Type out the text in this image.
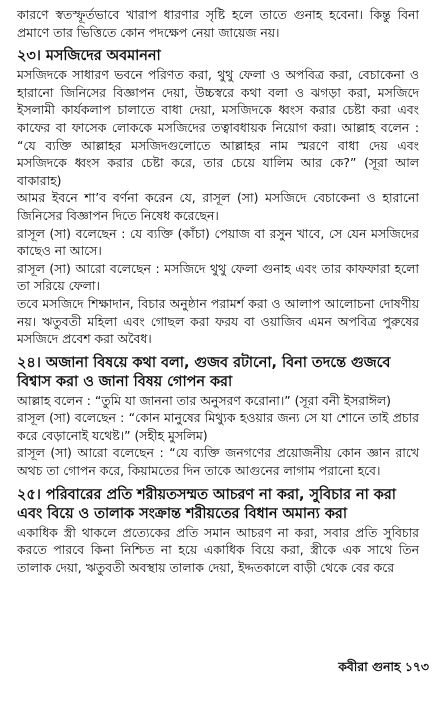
কারণে স্বতস্ফূর্তভাবে খারাপ ধারণার সৃষ্টি হলে তাতে গুনাহ হবেনা। কিন্তু বিনা প্রমাণে তার ভিত্তিতে কোন পদক্ষেপ নেয়া জায়েজ নয়।

২৩। মসজিদের অবমাননা

মসজিদকে সাধারণ ভবনে পরিণত করা, থুথু ফেলা ও অপবিত্র করা, বেচাকেনা ও হারানো জিনিসের বিজ্ঞাপন দেয়া, উচ্চস্বরে কথা বলা ও ঝগড়া করা, মসজিদে ইসলামী কার্যকলাপ চালাতে বাধা দেয়া, মসজিদকে ধ্বংস করার চেষ্টা করা এবং কাফের বা ফাসেক লোককে মসজিদের তত্বাবধায়ক নিয়োগ করা। আল্লাহ বলেন : “যে ব্যক্তি আল্লাহর মসজিদগুলোতে আল্লাহর নাম স্মরণে বাধা দেয় এবং মসজিদকে ধ্বংস করার চেষ্টা করে, তার চেয়ে যালিম আর কে?” (সূরা আল বাকারাহ)

আমর ইবনে শা’ব বর্ণনা করেন যে, রাসূল (সা) মসজিদে বেচাকেনা ও হারানো জিনিসের বিজ্ঞাপন দিতে নিষেধ করেছেন।

রাসূল (সা) বলেছেন : যে ব্যক্তি (কাঁচা) পেয়াজ বা রসুন খাবে, সে যেন মসজিদের কাছেও না আসে।

রাসূল (সা) আরো বলেছেন : মসজিদে থুথু ফেলা গুনাহ এবং তার কাফফারা হলো তা সরিয়ে ফেলা।

তবে মসজিদে শিক্ষাদান, বিচার অনুষ্ঠান পরামর্শ করা ও আলাপ আলোচনা দোষণীয় নয়। ঋতুবতী মহিলা এবং গোছল করা ফরয বা ওয়াজিব এমন অপবিত্র পুরুষের মসজিদে প্রবেশ করা অবৈধ।

২৪। অজানা বিষয়ে কথা বলা, গুজব রটানো, বিনা তদন্তে গুজবে বিশ্বাস করা ও জানা বিষয় গোপন করা

আল্লাহ বলেন : “তুমি যা জাননা তার অনুসরণ করোনা।” (সূরা বনী ইসরাঈল)

রাসূল (সা) বলেছেন : “কোন মানুষের মিথ্যুক হওয়ার জন্য সে যা শোনে তাই প্রচার করে বেড়ানোই যথেষ্ট।” (সহীহ মুসলিম)

রাসূল (সা) আরো বলেছেন : “যে ব্যক্তি জনগণের প্রয়োজনীয় কোন জ্ঞান রাখে অথচ তা গোপন করে, কিয়ামতের দিন তাকে আগুনের লাগাম পরানো হবে।

২৫। পরিবারের প্রতি শরীয়তসম্মত আচরণ না করা, সুবিচার না করা এবং বিয়ে ও তালাক সংক্রান্ত শরীয়তের বিধান অমান্য করা

একাধিক স্ত্রী থাকলে প্রত্যেকের প্রতি সমান আচরণ না করা, সবার প্রতি সুবিচার করতে পারবে কিনা নিশ্চিত না হয়ে একাধিক বিয়ে করা, স্ত্রীকে এক সাথে তিন তালাক দেয়া, ঋতুবতী অবস্থায় তালাক দেয়া, ইদ্দতকালে বাড়ী থেকে বের করে

কবীরা গুনাহ ১৭৩
